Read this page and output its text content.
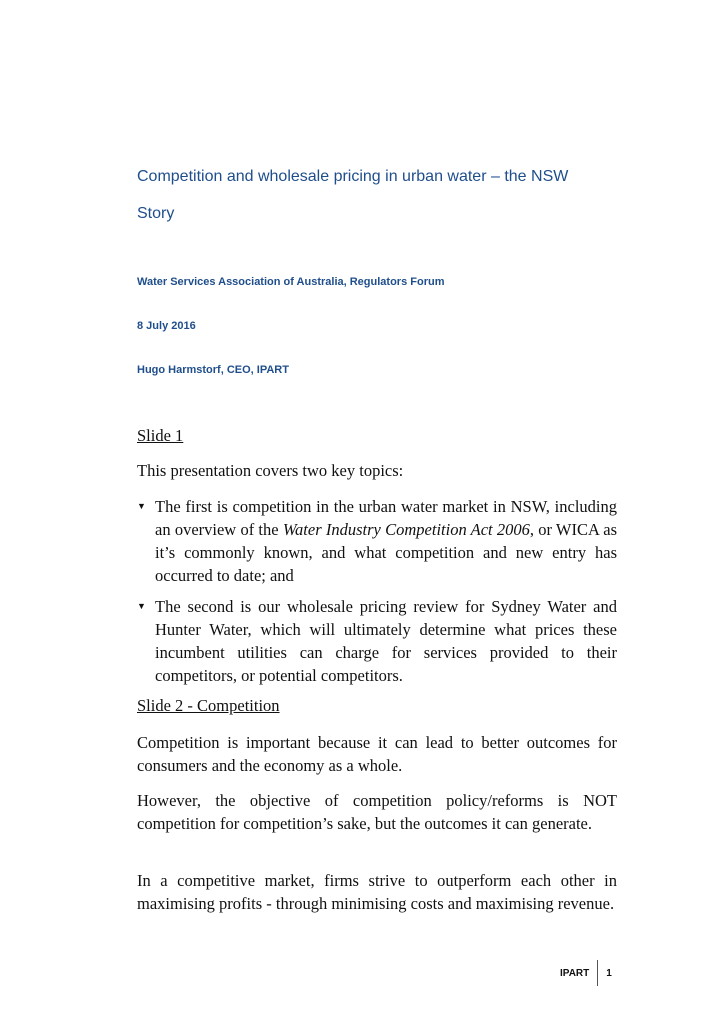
Competition and wholesale pricing in urban water – the NSW
Story

Water Services Association of Australia, Regulators Forum

8 July 2016

Hugo Harmstorf, CEO, IPART

Slide 1

This presentation covers two key topics:

▼ The first is competition in the urban water market in NSW, including an overview of the Water Industry Competition Act 2006, or WICA as it’s commonly known, and what competition and new entry has occurred to date; and
▼ The second is our wholesale pricing review for Sydney Water and Hunter Water, which will ultimately determine what prices these incumbent utilities can charge for services provided to their competitors, or potential competitors.

Slide 2 - Competition

Competition is important because it can lead to better outcomes for consumers and the economy as a whole.

However, the objective of competition policy/reforms is NOT competition for competition’s sake, but the outcomes it can generate.

In a competitive market, firms strive to outperform each other in maximising profits - through minimising costs and maximising revenue.

IPART 1
